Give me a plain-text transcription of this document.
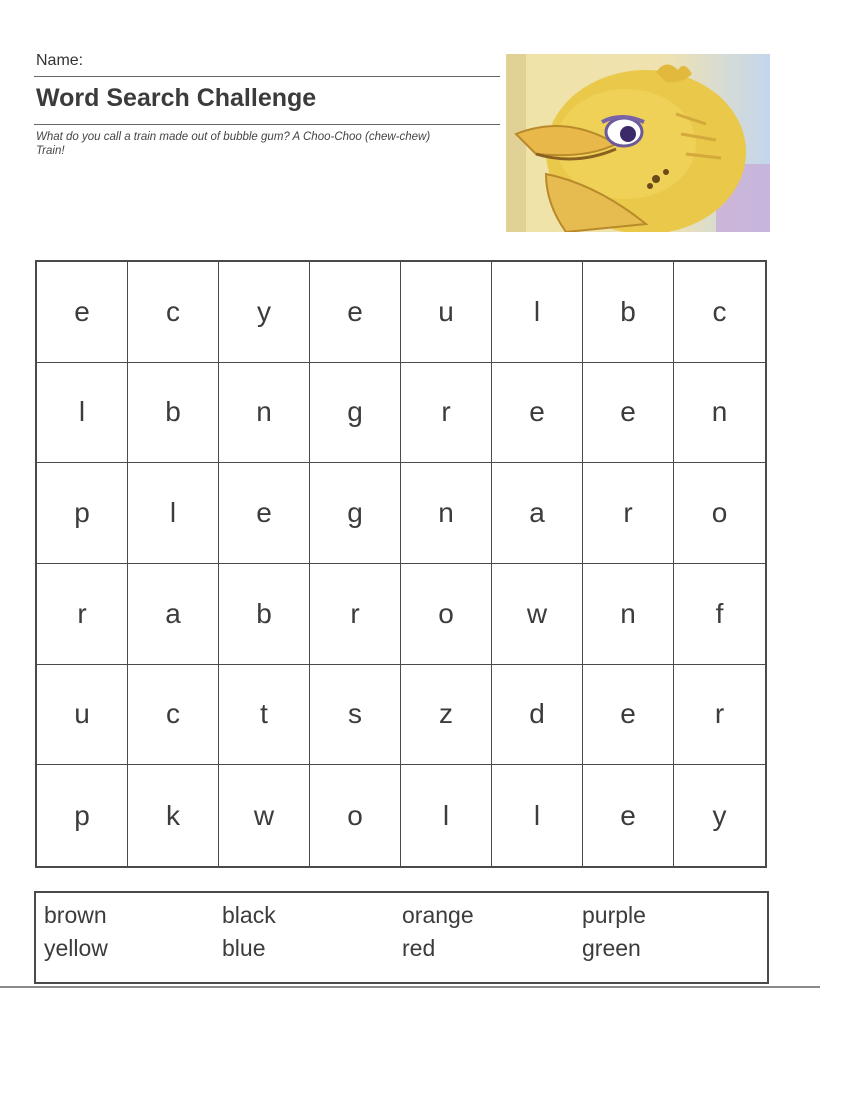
Name:
Word Search Challenge
What do you call a train made out of bubble gum? A Choo-Choo (chew-chew) Train!
e	c	y	e	u	l	b	c
l	b	n	g	r	e	e	n
p	l	e	g	n	a	r	o
r	a	b	r	o	w	n	f
u	c	t	s	z	d	e	r
p	k	w	o	l	l	e	y
brown	black	orange	purple
yellow	blue	red	green
